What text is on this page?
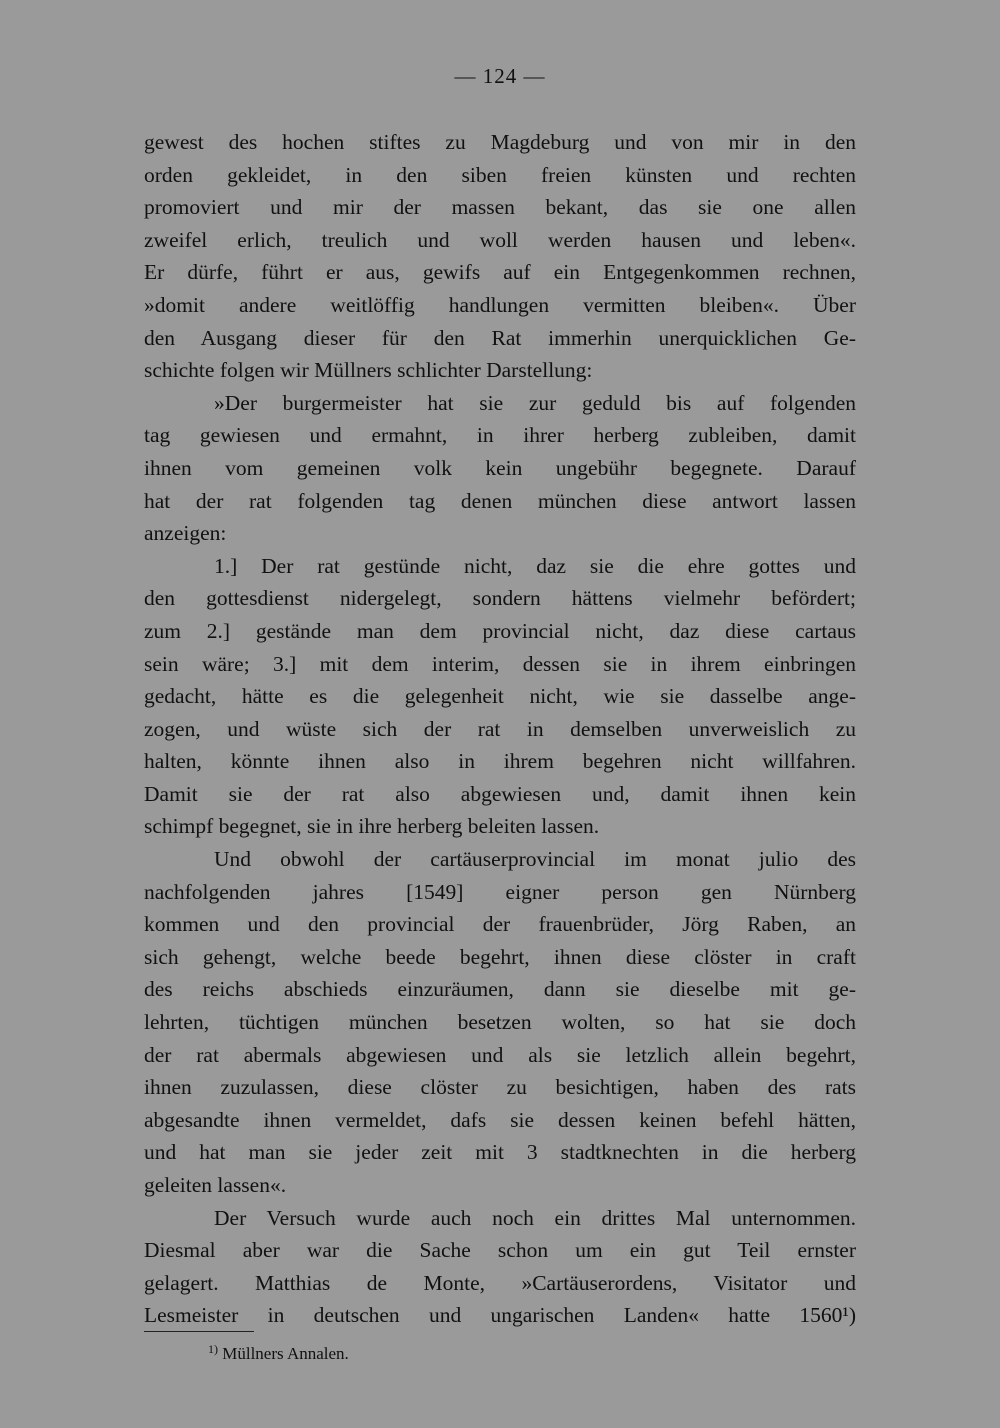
— 124 —
gewest des hochen stiftes zu Magdeburg und von mir in den
orden gekleidet, in den siben freien künsten und rechten
promoviert und mir der massen bekant, das sie one allen
zweifel erlich, treulich und woll werden hausen und leben«.
Er dürfe, führt er aus, gewifs auf ein Entgegenkommen rechnen,
»domit andere weitlöffig handlungen vermitten bleiben«. Über
den Ausgang dieser für den Rat immerhin unerquicklichen Ge-
schichte folgen wir Müllners schlichter Darstellung:
»Der burgermeister hat sie zur geduld bis auf folgenden
tag gewiesen und ermahnt, in ihrer herberg zubleiben, damit
ihnen vom gemeinen volk kein ungebühr begegnete. Darauf
hat der rat folgenden tag denen münchen diese antwort lassen
anzeigen:
1.] Der rat gestünde nicht, daz sie die ehre gottes und
den gottesdienst nidergelegt, sondern hättens vielmehr befördert;
zum 2.] gestände man dem provincial nicht, daz diese cartaus
sein wäre; 3.] mit dem interim, dessen sie in ihrem einbringen
gedacht, hätte es die gelegenheit nicht, wie sie dasselbe ange-
zogen, und wüste sich der rat in demselben unverweislich zu
halten, könnte ihnen also in ihrem begehren nicht willfahren.
Damit sie der rat also abgewiesen und, damit ihnen kein
schimpf begegnet, sie in ihre herberg beleiten lassen.
Und obwohl der cartäuserprovincial im monat julio des
nachfolgenden jahres [1549] eigner person gen Nürnberg
kommen und den provincial der frauenbrüder, Jörg Raben, an
sich gehengt, welche beede begehrt, ihnen diese clöster in craft
des reichs abschieds einzuräumen, dann sie dieselbe mit ge-
lehrten, tüchtigen münchen besetzen wolten, so hat sie doch
der rat abermals abgewiesen und als sie letzlich allein begehrt,
ihnen zuzulassen, diese clöster zu besichtigen, haben des rats
abgesandte ihnen vermeldet, dafs sie dessen keinen befehl hätten,
und hat man sie jeder zeit mit 3 stadtknechten in die herberg
geleiten lassen«.
Der Versuch wurde auch noch ein drittes Mal unternommen.
Diesmal aber war die Sache schon um ein gut Teil ernster
gelagert. Matthias de Monte, »Cartäuserordens, Visitator und
Lesmeister in deutschen und ungarischen Landen« hatte 1560¹)
$^{1)}$ Müllners Annalen.
